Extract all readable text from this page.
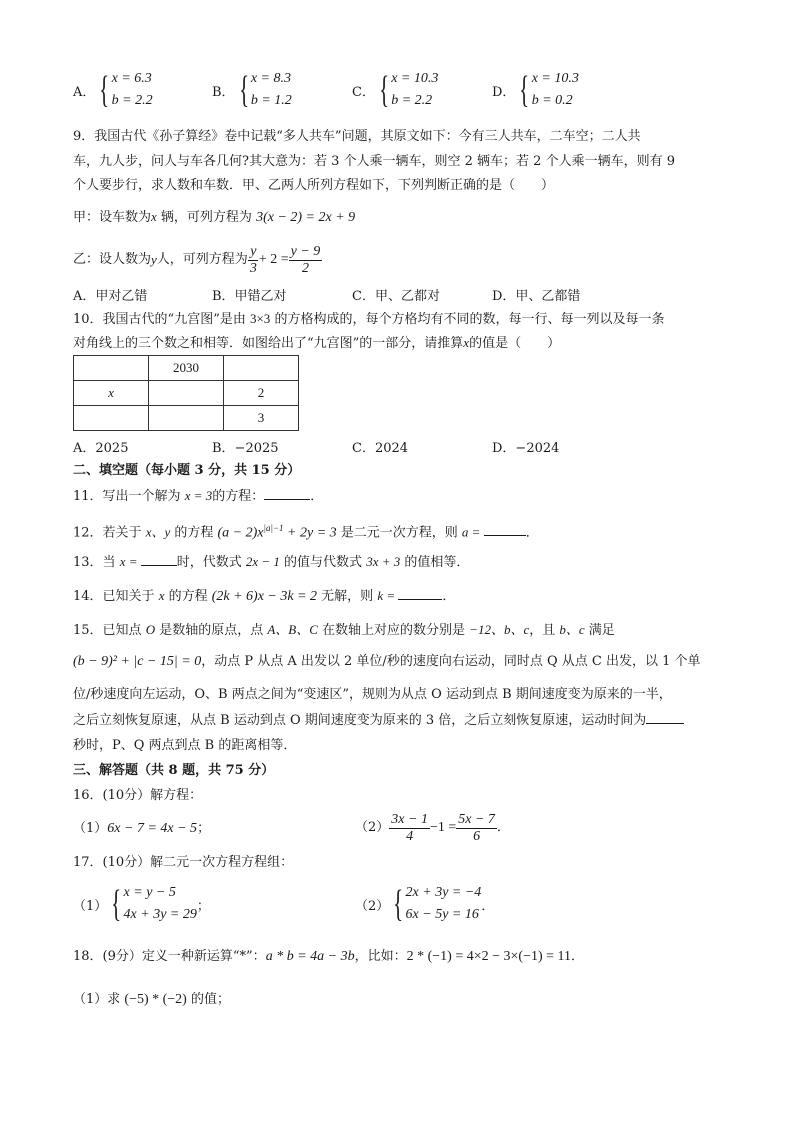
A． { x = 6.3
b = 2.2
B． { x = 8.3
b = 1.2
C． { x = 10.3
b = 2.2
D． { x = 10.3
b = 0.2
9．我国古代《孙子算经》卷中记载“多人共车”问题，其原文如下：今有三人共车，二车空；二人共
车，九人步，问人与车各几何?其大意为：若 3 个人乘一辆车，则空 2 辆车；若 2 个人乘一辆车，则有 9
个人要步行，求人数和车数．甲、乙两人所列方程如下，下列判断正确的是（　　）
甲：设车数为x 辆，可列方程为 3(x − 2) = 2x + 9
乙：设人数为 y 人，可列方程为 $\frac{y}{3} + 2 = \frac{y - 9}{2}$
A．甲对乙错	B．甲错乙对	C．甲、乙都对	D．甲、乙都错
10．我国古代的“九宫图”是由 3×3 的方格构成的，每个方格均有不同的数，每一行、每一列以及每一条
对角线上的三个数之和相等．如图给出了“九宫图”的一部分，请推算x的值是（　　）
	2030	
x		2
		3
A．2025	B．−2025	C．2024	D．−2024
二、填空题（每小题 3 分，共 15 分）
11．写出一个解为 x = 3的方程：	．
12．若关于 x、y 的方程 $(a - 2)x^{|a|-1} + 2y = 3$ 是二元一次方程，则 a =	．
13．当 x =	时，代数式 2x − 1 的值与代数式 3x + 3 的值相等．
14．已知关于 x 的方程 (2k + 6)x − 3k = 2 无解，则 k =	．
15．已知点 O 是数轴的原点，点 A、B、C 在数轴上对应的数分别是 −12、b、c，且 b、c 满足
(b − 9)² + |c − 15| = 0，动点 P 从点 A 出发以 2 单位/秒的速度向右运动，同时点 Q 从点 C 出发，以 1 个单
位/秒速度向左运动，O、B 两点之间为“变速区”，规则为从点 O 运动到点 B 期间速度变为原来的一半，
之后立刻恢复原速，从点 B 运动到点 O 期间速度变为原来的 3 倍，之后立刻恢复原速，运动时间为
秒时，P、Q 两点到点 B 的距离相等．
三、解答题（共 8 题，共 75 分）
16．(10分）解方程：
（1）6x − 7 = 4x − 5；	$(2) \frac{3x - 1}{4} -1 = \frac{5x - 7}{6}$ ．
17．(10分）解二元一次方程方程组：
（1） { x = y − 5
4x + 3y = 29
；	（2） { 2x + 3y = −4
6x − 5y = 16
．
18．(9分）定义一种新运算“*”：a * b = 4a − 3b，比如：2 * (−1) = 4×2 − 3×(−1) = 11．
（1）求 (−5) * (−2) 的值；
